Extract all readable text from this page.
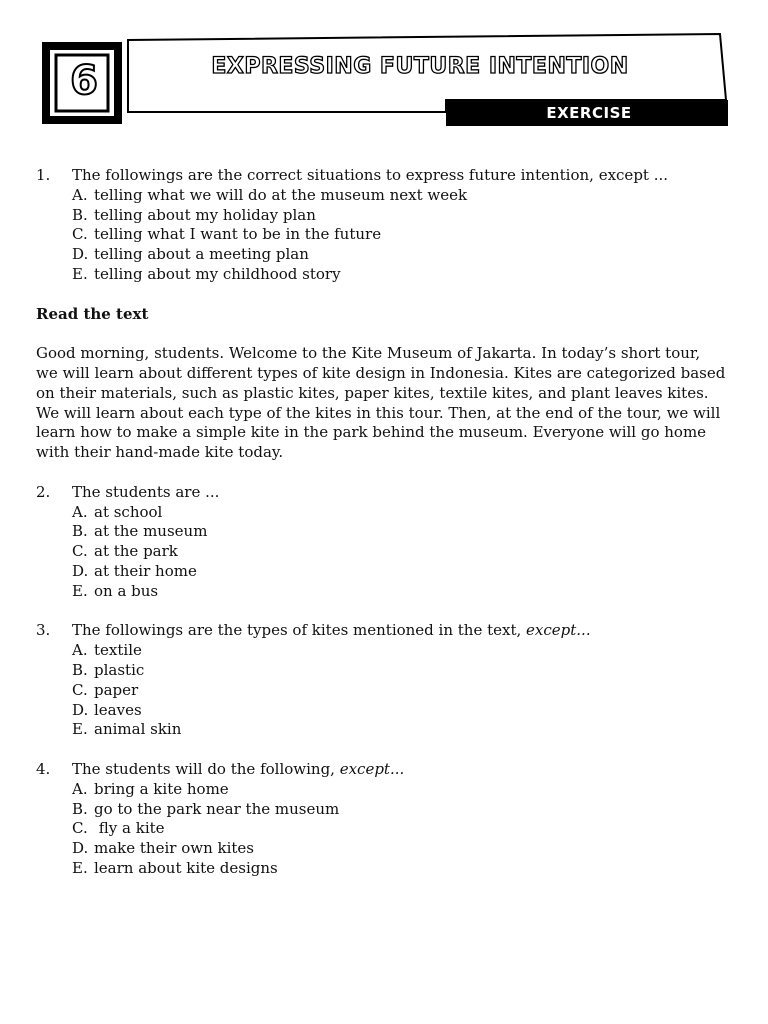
6	EXPRESSING FUTURE INTENTION
EXERCISE
1.	The followings are the correct situations to express future intention, except ...
A. telling what we will do at the museum next week
B. telling about my holiday plan
C. telling what I want to be in the future
D. telling about a meeting plan
E. telling about my childhood story
Read the text
Good morning, students. Welcome to the Kite Museum of Jakarta. In today’s short tour, we will learn about different types of kite design in Indonesia. Kites are categorized based on their materials, such as plastic kites, paper kites, textile kites, and plant leaves kites. We will learn about each type of the kites in this tour. Then, at the end of the tour, we will learn how to make a simple kite in the park behind the museum. Everyone will go home with their hand-made kite today.
2.	The students are ...
A. at school
B. at the museum
C. at the park
D. at their home
E. on a bus
3.	The followings are the types of kites mentioned in the text, except...
A. textile
B. plastic
C. paper
D. leaves
E. animal skin
4.	The students will do the following, except...
A. bring a kite home
B. go to the park near the museum
C. fly a kite
D. make their own kites
E. learn about kite designs
